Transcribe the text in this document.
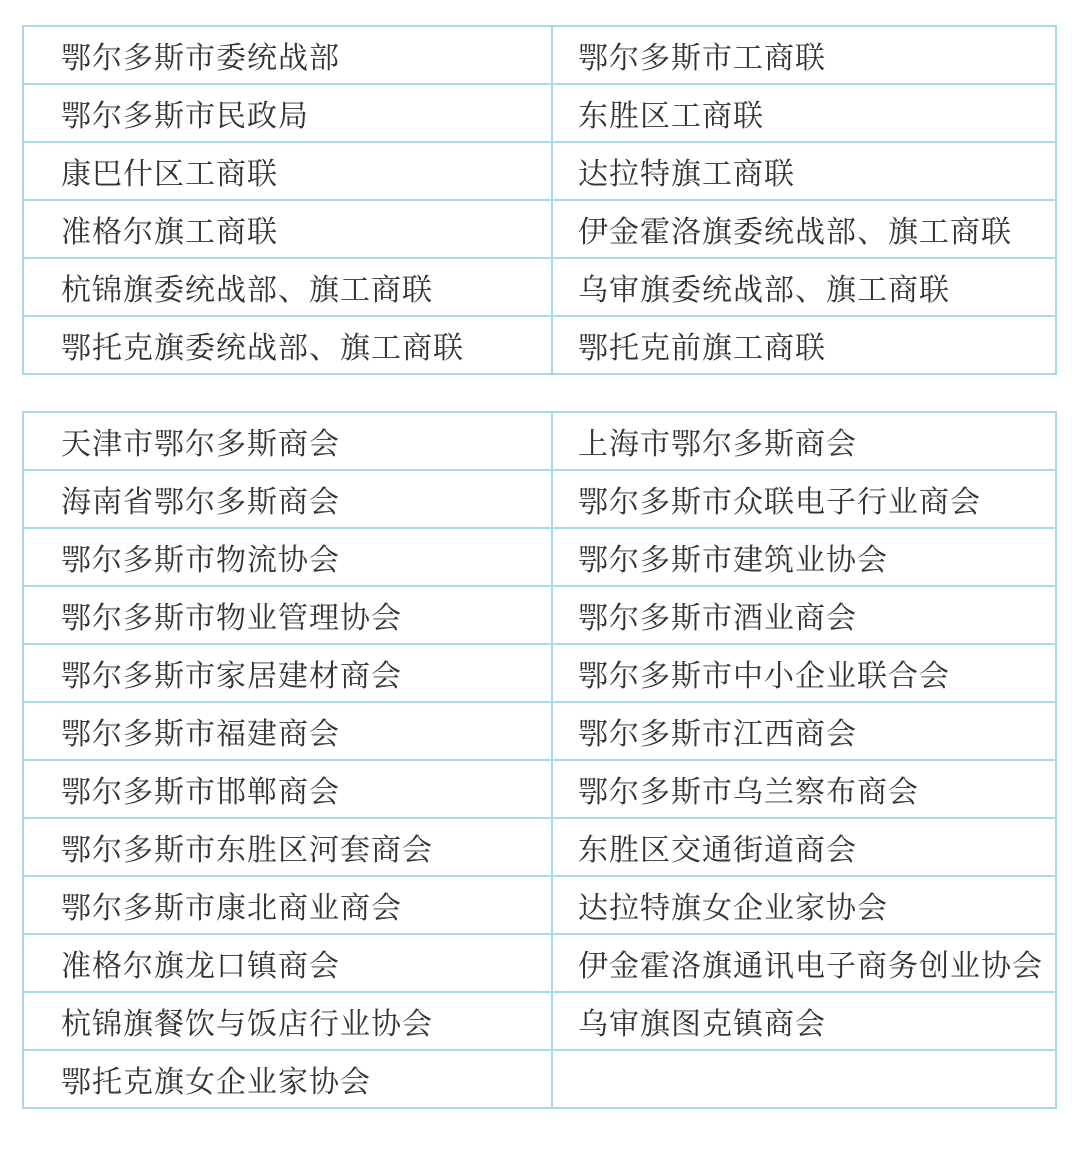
鄂尔多斯市委统战部	鄂尔多斯市工商联
鄂尔多斯市民政局	东胜区工商联
康巴什区工商联	达拉特旗工商联
准格尔旗工商联	伊金霍洛旗委统战部、旗工商联
杭锦旗委统战部、旗工商联	乌审旗委统战部、旗工商联
鄂托克旗委统战部、旗工商联	鄂托克前旗工商联
天津市鄂尔多斯商会	上海市鄂尔多斯商会
海南省鄂尔多斯商会	鄂尔多斯市众联电子行业商会
鄂尔多斯市物流协会	鄂尔多斯市建筑业协会
鄂尔多斯市物业管理协会	鄂尔多斯市酒业商会
鄂尔多斯市家居建材商会	鄂尔多斯市中小企业联合会
鄂尔多斯市福建商会	鄂尔多斯市江西商会
鄂尔多斯市邯郸商会	鄂尔多斯市乌兰察布商会
鄂尔多斯市东胜区河套商会	东胜区交通街道商会
鄂尔多斯市康北商业商会	达拉特旗女企业家协会
准格尔旗龙口镇商会	伊金霍洛旗通讯电子商务创业协会
杭锦旗餐饮与饭店行业协会	乌审旗图克镇商会
鄂托克旗女企业家协会	
